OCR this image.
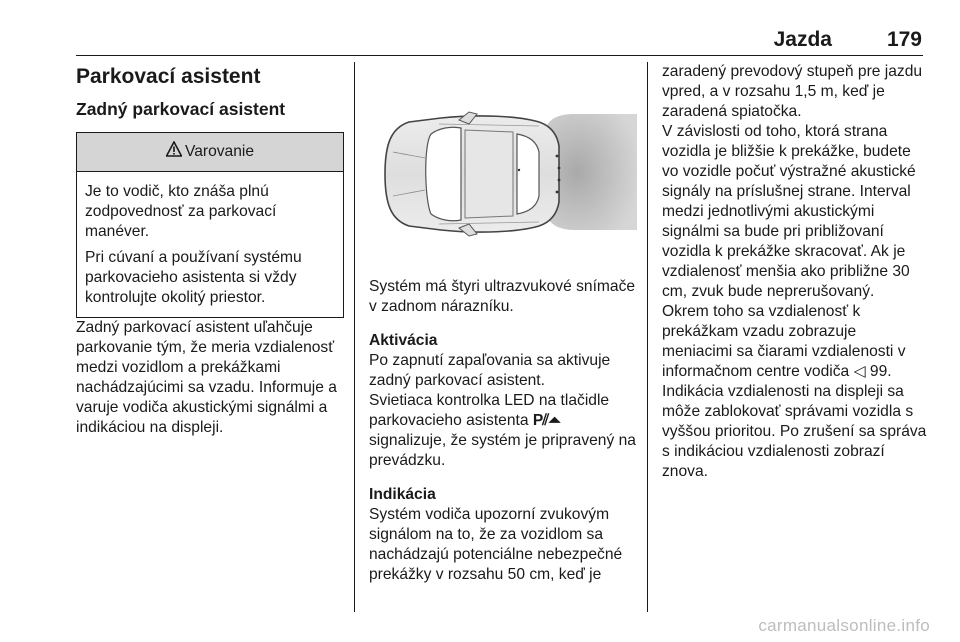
Jazda	179
Parkovací asistent
Zadný parkovací asistent
Varovanie

Je to vodič, kto znáša plnú zodpovednosť za parkovací manéver.

Pri cúvaní a používaní systému parkovacieho asistenta si vždy kontrolujte okolitý priestor.

Zadný parkovací asistent uľahčuje parkovanie tým, že meria vzdialenosť medzi vozidlom a prekážkami nachádzajúcimi sa vzadu. Informuje a varuje vodiča akustickými signálmi a indikáciou na displeji.

Systém má štyri ultrazvukové snímače v zadnom nárazníku.

Aktivácia

Po zapnutí zapaľovania sa aktivuje zadný parkovací asistent.

Svietiaca kontrolka LED na tlačidle parkovacieho asistenta P⫽⏶ signalizuje, že systém je pripravený na prevádzku.

Indikácia

Systém vodiča upozorní zvukovým signálom na to, že za vozidlom sa nachádzajú potenciálne nebezpečné prekážky v rozsahu 50 cm, keď je

zaradený prevodový stupeň pre jazdu vpred, a v rozsahu 1,5 m, keď je zaradená spiatočka.

V závislosti od toho, ktorá strana vozidla je bližšie k prekážke, budete vo vozidle počuť výstražné akustické signály na príslušnej strane. Interval medzi jednotlivými akustickými signálmi sa bude pri približovaní vozidla k prekážke skracovať. Ak je vzdialenosť menšia ako približne 30 cm, zvuk bude neprerušovaný.

Okrem toho sa vzdialenosť k prekážkam vzadu zobrazuje meniacimi sa čiarami vzdialenosti v informačnom centre vodiča ◁ 99.

Indikácia vzdialenosti na displeji sa môže zablokovať správami vozidla s vyššou prioritou. Po zrušení sa správa s indikáciou vzdialenosti zobrazí znova.

carmanualsonline.info
